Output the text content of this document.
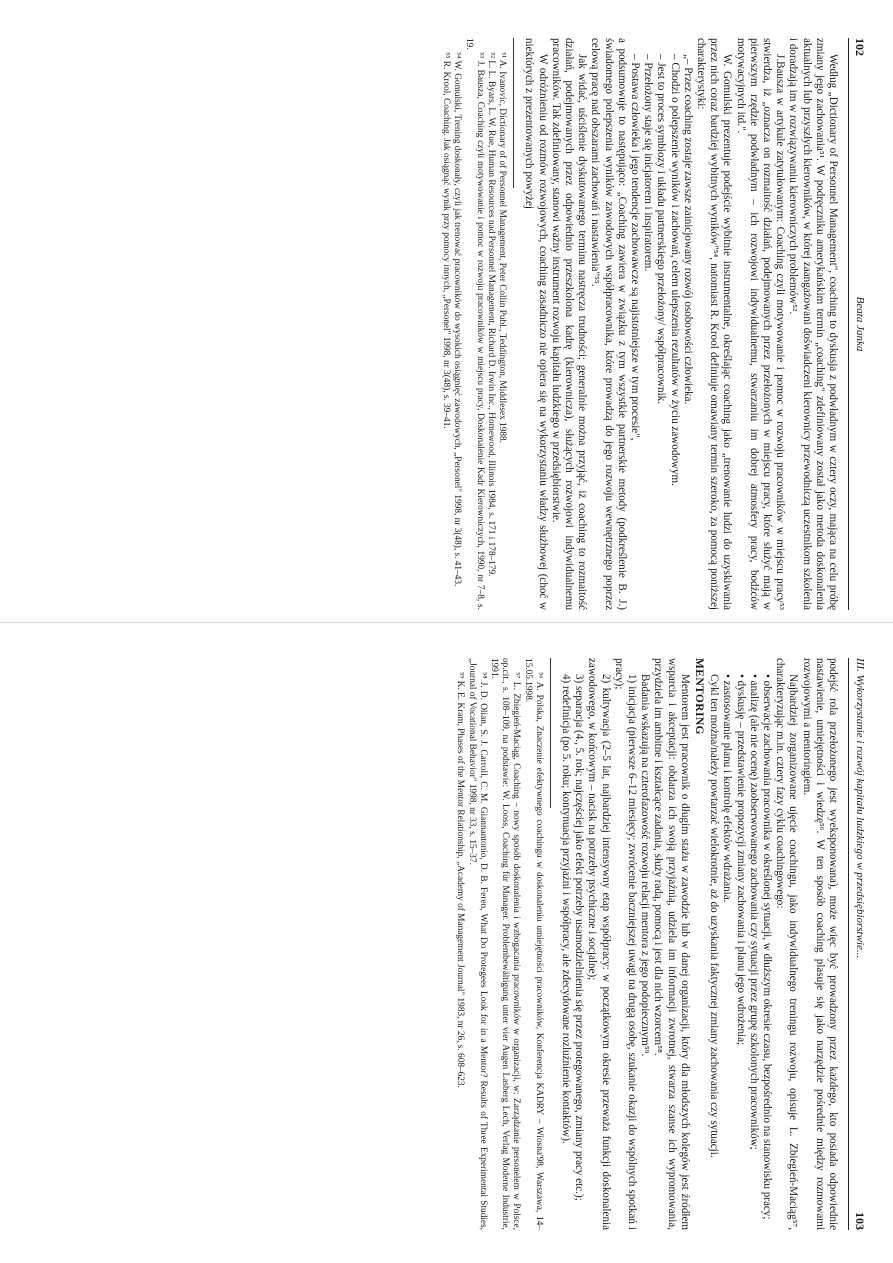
102
Beata Janka

Według „Dictionary of Personnel Management", coaching to dyskusja z podwładnym w cztery oczy, mająca na celu próbę zmiany jego zachowania⁵¹. W podręczniku amerykańskim termin „coaching" zdefiniowany został jako metoda doskonalenia aktualnych lub przyszłych kierowników, w której zaangażowani doświadczeni kierownicy przewodniczą uczestnikom szkolenia i doradzają im w rozwiązywaniu kierowniczych problemów⁵².

J.Bausza w artykule zatytułowanym: Coaching czyli motywowanie i pomoc w rozwoju pracowników w miejscu pracy⁵³ stwierdza, iż „oznacza on rozmaitość działań, podejmowanych przez przełożonych w miejscu pracy, które służyć mają w pierwszym rzędzie podwładnym – ich rozwojowi indywidualnemu, stwarzaniu im dobrej atmosfery pracy, bodźców motywacyjnych itd.".

W. Gomulski prezentuje podejście wybitnie instrumentalne, określając coaching jako „trenowanie ludzi do uzyskiwania przez nich coraz bardziej wybitnych wyników"⁵⁴, natomiast R. Krool definiuje omawiany termin szeroko, za pomocą poniższej charakterystyki:

„– Przez coaching zostaje zawsze zainicjowany rozwój osobowości człowieka.

– Chodzi o polepszenie wyników i zachowań, celem ulepszenia rezultatów w życiu zawodowym.

– Jest to proces symbiozy i układu partnerskiego przełożony/ współpracownik.

– Przełożony staje się inicjatorem i inspiratorem.

– Postawa człowieka i jego tendencje zachowawcze są najistotniejsze w tym procesie",

a podsumowuje to następująco: „Coaching zawiera w związku z tym wszystkie partnerskie metody (podkreślenie B. J.) świadomego polepszenia wyników zawodowych współpracownika, które prowadzą do jego rozwoju wewnętrznego poprzez celową pracę nad obszarami zachowań i nastawienia"⁵⁵.

Jak widać, uściślenie dyskutowanego terminu nastręcza trudności; generalnie można przyjąć, iż coaching to rozmaitość działań, podejmowanych przez odpowiednio przeszkolona kadrę (kierownicza), służących rozwojowi indywidualnemu pracowników. Tak zdefiniowany, stanowi ważny instrument rozwoju kapitału ludzkiego w przedsiębiorstwie.

W odróżnieniu od rozmów rozwojowych, coaching zasadniczo nie opiera się na wykorzystaniu władzy służbowej (choć w niektórych z prezentowanych powyżej

⁵¹ A. Ivanovic, Dictionary of of Personnel Management, Peter Collin Publ., Teddington, Middlesex 1988.

⁵² L. L. Byars, L. W. Rue, Human Resources nad Personnel Management, Richard D. Irwin Inc., Homewood, Illinois 1984, s. 171 i 178–179.

⁵³ J. Bausza, Coaching czyli motywowanie i pomoc w rozwoju pracowników w miejscu pracy, Doskonalenie Kadr Kierowniczych, 1990, nr 7–8, s. 19.

⁵⁴ W. Gomulski, Trening doskonały, czyli jak trenować pracowników do wysokich osiągnięć zawodowych, „Personel" 1998, nr 3(48), s. 41–43.

⁵⁵ R. Krool, Coaching. Jak osiągnąć wynik przy pomocy innych, „Personel" 1998, nr 3(48), s. 39–41.

III. Wykorzystanie i rozwój kapitału ludzkiego w przedsiębiorstwie...
103

podejść rola przełożonego jest wyeksponowana), może więc być prowadzony przez każdego, kto posiada odpowiednie nastawienie, umiejętności i wiedzę⁵⁶. W ten sposób coaching plasuje się jako narzędzie pośrednie między rozmowami rozwojowymi a mentoringiem.

Najbardziej zorganizowane ujęcie coachingu, jako indywidualnego treningu rozwoju, opisuje L. Zbiegień-Maciąg⁵⁷, charakteryzując m.in. cztery fazy cyklu coachingowego:

• obserwacje zachowania pracownika w określonej sytuacji, w dłuższym okresie czasu, bezpośrednio na stanowisku pracy;

• analizę (ale nie ocenę) zaobserwowanego zachowania czy sytuacji przez grupę szkolonych pracowników;

• dyskusję – przedstawienie propozycji zmiany zachowania i planu jego wdrożenia;

• zastosowanie planu i kontrolę efektów wdrażania.

Cykl ten można/należy powtarzać wielokrotnie, aż do uzyskania faktycznej zmiany zachowania czy sytuacji.

MENTORING

Mentorem jest pracownik o długim stażu w zawodzie lub w danej organizacji, który dla młodszych kolegów jest źródłem wsparcia i akceptacji: obdarza ich swoją przyjaźnią, udziela im informacji zwrotnej, stwarza szanse ich wypromowania, przydziela im ambitne i kształcące zadania, służy radą, pomocą i jest dla nich wzorcem⁵⁸.

Badania wskazują na czterofazowość rozwoju relacji mentora z jego podopiecznym⁵⁹.

1) inicjacja (pierwsze 6–12 miesięcy; zwrócenie baczniejszej uwagi na drugą osobę, szukanie okazji do wspólnych spotkań i pracy);

2) kultywacja (2–5 lat, najbardziej intensywny etap współpracy: w początkowym okresie przeważa funkcji doskonalenia zawodowego, w końcowym – nacisk na potrzeby psychiczne i socjalne);

3) separacja (4., 5. rok; najczęściej jako efekt potrzeby usamodzielnienia się przez protegowanego, zmiany pracy etc.);

4) redefinicja (po 5. roku; kontynuacja przyjaźni i współpracy, ale zdecydowane rozluźnienie kontaktów).

⁵⁶ A. Polska, Znaczenie efektywnego coachingu w doskonaleniu umiejętności pracowników, Konferencja KADRY – Wiosna'98, Warszawa, 14–15.05.1998.

⁵⁷ L. Zbiegień-Maciąg, Coaching – nowy sposób doskonalenia i wzbogacania pracowników w organizacji, w: Zarządzanie personelem w Polsce, op.cit., s. 108–109, na podstawie: W. Looss, Coaching für Manager. Problembewältigung unter vier Augen Lasberg Lech, Verlag Moderne Industrie, 1991.

⁵⁸ J. D. Olian, S. J. Carroll, C. M. Giannantonio, D. B. Feren, What Do Protegees Look for in a Mentor? Results of Three Experimental Studies, „Journal of Vocational Behavior" 1998, nr 33, s. 15–37.

⁵⁹ K. E. Kram, Phases of the Mentor Relationship, „Academy of Management Journal" 1983, nr 26, s. 608–623.
